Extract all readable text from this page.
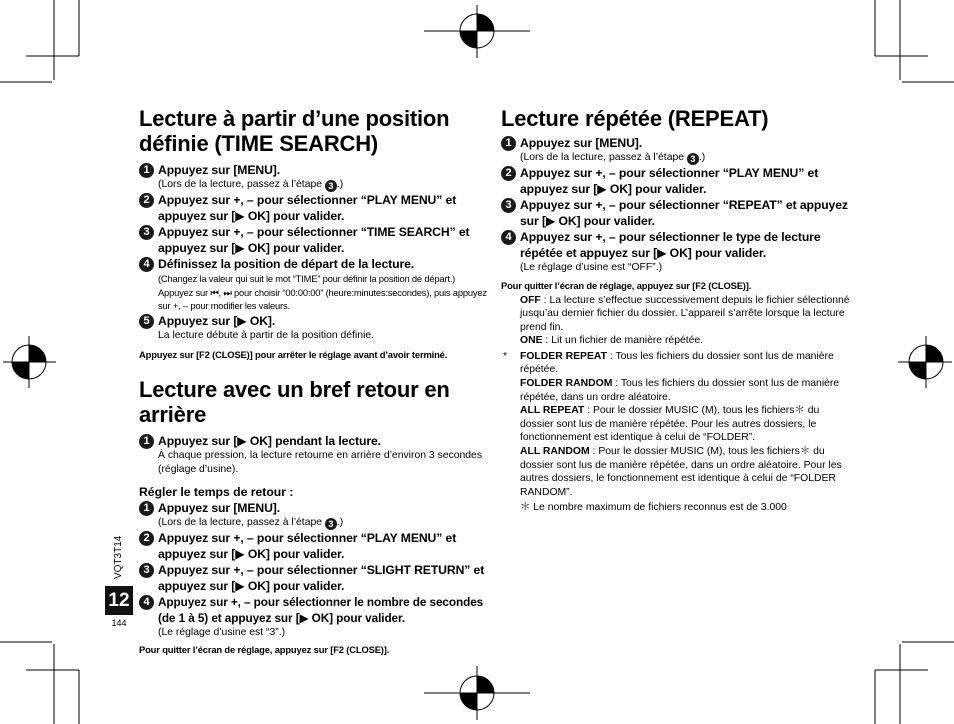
VQT3T14
12
144
Lecture à partir d’une position définie (TIME SEARCH)
1 Appuyez sur [MENU].
(Lors de la lecture, passez à l’étape 3 .)
2 Appuyez sur +, – pour sélectionner “PLAY MENU” et appuyez sur [▶ OK] pour valider.
3 Appuyez sur +, – pour sélectionner “TIME SEARCH” et appuyez sur [▶ OK] pour valider.
4 Définissez la position de départ de la lecture.
(Changez la valeur qui suit le mot “TIME” pour définir la position de départ.) Appuyez sur ⏮, ⏭ pour choisir “00:00:00” (heure:minutes:secondes), puis appuyez sur +, – pour modifier les valeurs.
5 Appuyez sur [▶ OK].
La lecture débute à partir de la position définie.

Appuyez sur [F2 (CLOSE)] pour arrêter le réglage avant d’avoir terminé.

Lecture avec un bref retour en arrière
1 Appuyez sur [▶ OK] pendant la lecture.
À chaque pression, la lecture retourne en arrière d’environ 3 secondes (réglage d’usine).

Régler le temps de retour :

1 Appuyez sur [MENU].
(Lors de la lecture, passez à l’étape 3 .)
2 Appuyez sur +, – pour sélectionner “PLAY MENU” et appuyez sur [▶ OK] pour valider.
3 Appuyez sur +, – pour sélectionner “SLIGHT RETURN” et appuyez sur [▶ OK] pour valider.
4 Appuyez sur +, – pour sélectionner le nombre de secondes (de 1 à 5) et appuyez sur [▶ OK] pour valider.
(Le réglage d’usine est “3”.)

Pour quitter l’écran de réglage, appuyez sur [F2 (CLOSE)].

Lecture répétée (REPEAT)
1 Appuyez sur [MENU].
(Lors de la lecture, passez à l’étape 3 .)
2 Appuyez sur +, – pour sélectionner “PLAY MENU” et appuyez sur [▶ OK] pour valider.
3 Appuyez sur +, – pour sélectionner “REPEAT” et appuyez sur [▶ OK] pour valider.
4 Appuyez sur +, – pour sélectionner le type de lecture répétée et appuyez sur [▶ OK] pour valider.
(Le réglage d’usine est “OFF”.)

Pour quitter l’écran de réglage, appuyez sur [F2 (CLOSE)].

OFF : La lecture s’effectue successivement depuis le fichier sélectionné jusqu’au dernier fichier du dossier. L’appareil s’arrête lorsque la lecture prend fin.

ONE : Lit un fichier de manière répétée.

* FOLDER REPEAT : Tous les fichiers du dossier sont lus de manière répétée.

FOLDER RANDOM : Tous les fichiers du dossier sont lus de manière répétée, dans un ordre aléatoire.

ALL REPEAT : Pour le dossier MUSIC (M), tous les fichiers＊ du dossier sont lus de manière répétée. Pour les autres dossiers, le fonctionnement est identique à celui de “FOLDER”.

ALL RANDOM : Pour le dossier MUSIC (M), tous les fichiers＊ du dossier sont lus de manière répétée, dans un ordre aléatoire. Pour les autres dossiers, le fonctionnement est identique à celui de “FOLDER RANDOM”.

＊ Le nombre maximum de fichiers reconnus est de 3.000
